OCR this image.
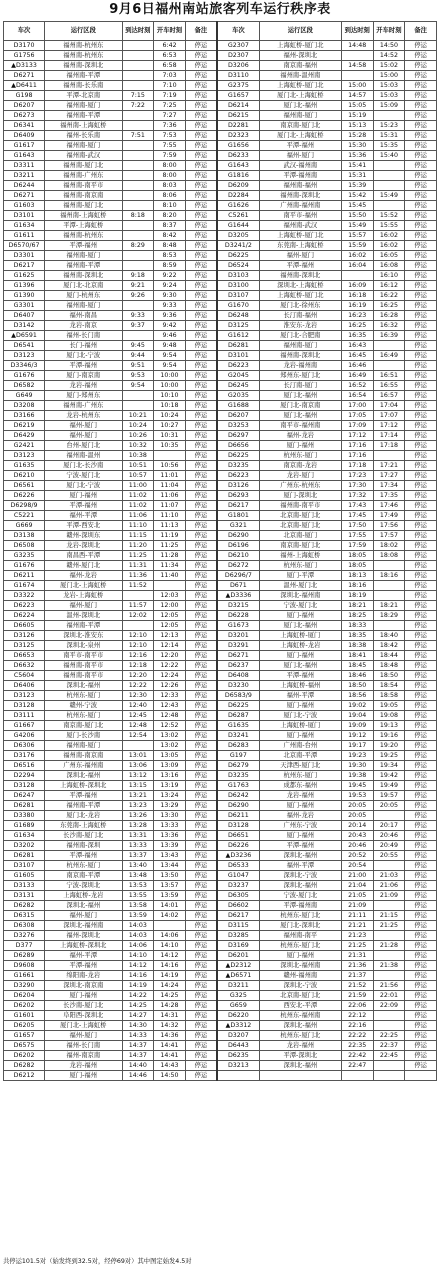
9月6日福州南站旅客列车运行秩序表
车次	运行区段	到达时刻	开车时刻	备注	车次	运行区段	到达时刻	开车时刻	备注
D3170	福州南-杭州东		6:42	停运	G2307	上海虹桥-厦门北	14:48	14:50	停运
G1756	福州南-杭州东		6:53	停运	D2307	福州-深圳北		14:52	停运
▲D3133	福州南-深圳北		6:58	停运	D3206	南京南-福州	14:58	15:02	停运
D6271	福州南-平潭		7:03	停运	D3110	福州南-温州南		15:00	停运
▲D6411	福州南-长乐南		7:10	停运	G2375	上海虹桥-厦门北	15:00	15:03	停运
G198	平潭-北京南	7:15	7:19	停运	G1657	厦门北-上海虹桥	14:57	15:03	停运
D6207	福州南-厦门	7:22	7:25	停运	D6214	厦门北-福州	15:05	15:09	停运
D6273	福州南-平潭		7:27	停运	D6215	福州南-厦门	15:19		停运
D6341	福州南-上海虹桥		7:36	停运	D2281	南京南-厦门北	15:13	15:23	停运
D6409	福州-长乐南	7:51	7:53	停运	D2323	厦门北-上海虹桥	15:28	15:31	停运
G1617	福州南-厦门		7:55	停运	G1656	平潭-福州	15:30	15:35	停运
G1643	福州南-武汉		7:59	停运	D6233	福州-厦门	15:36	15:40	停运
D3311	福州南-厦门北		8:00	停运	G1643	武汉-福州南	15:41		停运
D3211	福州南-广州东		8:00	停运	G1816	平潭-福州南	15:31		停运
D6244	福州南-南平市		8:03	停运	D6209	福州南-福州	15:39		停运
D6271	福州南-南京南		8:06	停运	D2284	福州南-深圳北	15:42	15:49	停运
G1603	福州南-厦门北		8:10	停运	G1626	广州南-福州南	15:45		停运
D3101	福州南-上海虹桥	8:18	8:20	停运	C5261	南平市-福州	15:50	15:52	停运
G1634	平潭-上海虹桥		8:37	停运	G1644	福州南-武汉	15:49	15:55	停运
G1611	福州南-杭州东		8:42	停运	D3205	上海虹桥-厦门北	15:57	16:02	停运
D6570/67	平潭-福州	8:29	8:48	停运	D3241/2	东莞南-上海虹桥	15:59	16:02	停运
D3301	福州南-厦门		8:53	停运	D6225	福州-厦门	16:02	16:05	停运
D6217	福州南-平潭		8:59	停运	D6524	平潭-福州	16:04	16:08	停运
G1625	福州南-深圳北	9:18	9:22	停运	D3103	福州南-深圳北		16:10	停运
G1396	厦门北-北京南	9:21	9:24	停运	D3100	深圳北-上海虹桥	16:09	16:12	停运
G1390	厦门-杭州东	9:26	9:30	停运	D3107	上海虹桥-厦门北	16:18	16:22	停运
G3301	福州南-厦门		9:33	停运	G1670	厦门北-徐州东	16:19	16:25	停运
D6407	福州-南昌	9:33	9:36	停运	D6248	长汀南-福州	16:23	16:28	停运
D3142	龙岩-南京	9:37	9:42	停运	D3125	淮安东-龙岩	16:25	16:32	停运
▲D6591	福州-长门南		9:46	停运	G1612	厦门北-合肥南	16:35	16:39	停运
D6541	长门-福州	9:45	9:48	停运	D6281	福州南-厦门	16:43		停运
D3123	厦门北-宁波	9:44	9:54	停运	D3101	福州南-深圳北	16:45	16:49	停运
D3346/3	平潭-福州	9:51	9:54	停运	D6223	龙岩-福州南	16:46		停运
G1676	厦门-南京南	9:53	10:00	停运	G2045	郑州东-厦门北	16:49	16:51	停运
D6582	龙岩-福州	9:54	10:00	停运	D6245	长汀南-厦门	16:52	16:55	停运
G649	厦门-郑州东		10:10	停运	G2035	厦门北-福州	16:54	16:57	停运
D3208	福州南-广州东		10:18	停运	G1688	厦门北-南京南	17:00	17:04	停运
D3166	龙岩-杭州东	10:21	10:24	停运	D6207	厦门北-福州	17:05	17:07	停运
D6219	福州-厦门	10:24	10:27	停运	D3253	南平市-福州南	17:09	17:12	停运
D6429	福州-厦门	10:26	10:31	停运	D6297	福州-龙岩	17:12	17:14	停运
G2421	台州-厦门北	10:32	10:35	停运	D6656	厦门-福州	17:16	17:18	停运
D3123	福州南-温州	10:38		停运	D6225	杭州东-厦门	17:16		停运
G1635	厦门北-长沙南	10:51	10:56	停运	D3235	南京南-龙岩	17:18	17:21	停运
D6210	宁波-厦门北	10:57	11:01	停运	D6223	龙岩-厦门	17:23	17:27	停运
D6561	厦门北-宁波	11:00	11:04	停运	D3126	广州东-杭州东	17:30	17:34	停运
D6226	厦门-福州	11:02	11:06	停运	D6293	厦门-深圳北	17:32	17:35	停运
D6298/9	平潭-福州	11:02	11:07	停运	D6217	福州南-南平市	17:43	17:46	停运
C5221	福州-平潭	11:06	11:10	停运	G1801	北京南-厦门北	17:45	17:49	停运
G669	平潭-西安北	11:10	11:13	停运	G321	北京南-厦门北	17:50	17:56	停运
D3138	赣州-深圳东	11:15	11:19	停运	D6290	北京南-厦门	17:55	17:57	停运
D6508	龙岩-深圳北	11:20	11:25	停运	D6196	南京南-厦门北	17:59	18:02	停运
G3235	南昌西-平潭	11:25	11:28	停运	D6210	福州-上海虹桥	18:05	18:08	停运
G1676	赣州-厦门北	11:31	11:34	停运	D6272	杭州东-厦门	18:05		停运
D6211	福州-龙岩	11:36	11:40	停运	D6296/7	厦门-平潭	18:13	18:16	停运
G1674	厦门北-上海虹桥	11:52		停运	D671	温州-厦门北	18:16		停运
D3322	龙岩-上海虹桥		12:03	停运	▲D3336	深圳北-福州南	18:19		停运
D6223	福州-厦门	11:57	12:00	停运	D3215	宁波-厦门北	18:21	18:21	停运
D6224	温州-深圳北	12:02	12:05	停运	D6228	厦门-福州	18:25	18:29	停运
D6605	福州南-平潭		12:05	停运	G1673	厦门北-福州	18:33		停运
D3126	深圳北-淮安东	12:10	12:13	停运	D3201	上海虹桥-厦门	18:35	18:40	停运
D3125	深圳北-泉州	12:10	12:14	停运	D3291	上海虹桥-龙岩	18:38	18:42	停运
D6653	南平市-南平市	12:16	12:20	停运	D6271	厦门-福州	18:41	18:44	停运
D6632	福州南-南平市	12:18	12:22	停运	D6237	厦门北-福州	18:45	18:48	停运
C5604	福州南-南平市	12:20	12:24	停运	D6408	平潭-福州	18:46	18:50	停运
D6406	深圳北-福州	12:22	12:26	停运	D3230	上海虹桥-福州	18:50	18:54	停运
D3123	杭州东-厦门	12:30	12:33	停运	D6583/9	福州-平潭	18:56	18:58	停运
D3128	赣州-宁波	12:40	12:43	停运	D6225	厦门-福州	19:02	19:05	停运
D3111	杭州东-厦门	12:45	12:48	停运	D6287	厦门北-宁波	19:04	19:08	停运
G1667	南京南-厦门北	12:48	12:52	停运	G1635	上海虹桥-厦门	19:09	19:13	停运
G4206	厦门-长沙南	12:54	13:02	停运	D3241	厦门-福州	19:12	19:16	停运
D6306	福州南-厦门		13:02	停运	D6283	广州南-台州	19:17	19:20	停运
D3176	福州南-南京南	13:01	13:05	停运	G197	北京南-平潭	19:23	19:25	停运
D6516	广州东-福州南	13:06	13:09	停运	D6279	天津西-厦门北	19:30	19:34	停运
D2294	深圳北-福州	13:12	13:16	停运	D3235	杭州东-厦门	19:38	19:42	停运
D3128	上海虹桥-深圳北	13:15	13:19	停运	G1763	成都东-福州	19:45	19:49	停运
D6247	平潭-福州	13:21	13:24	停运	D6242	龙岩-福州	19:53	19:57	停运
D6281	福州南-平潭	13:23	13:29	停运	D6290	厦门-福州	20:05	20:05	停运
D3380	厦门北-龙岩	13:26	13:30	停运	D6211	福州-龙岩	20:05		停运
G1689	东莞南-上海虹桥	13:28	13:33	停运	D3128	广州东-宁波	20:14	20:17	停运
G1634	长沙南-厦门北	13:31	13:36	停运	D6651	厦门-福州	20:43	20:46	停运
D3202	福州南-深圳	13:33	13:39	停运	D6226	平潭-福州	20:46	20:49	停运
D6281	平潭-福州	13:37	13:43	停运	▲D3236	深圳北-福州	20:52	20:55	停运
D3107	杭州东-厦门	13:40	13:44	停运	D6533	福州-平潭	20:54		停运
G1605	南京南-平潭	13:48	13:50	停运	G1047	深圳北-宁波	21:00	21:03	停运
D3133	宁波-深圳北	13:53	13:57	停运	D3237	深圳北-福州	21:04	21:06	停运
D3131	上海虹桥-龙岩	13:55	13:59	停运	D6305	宁波-厦门北	21:05	21:09	停运
D6282	深圳北-福州	13:58	14:01	停运	D6602	平潭-福州南	21:09		停运
D6315	福州-厦门	13:59	14:02	停运	D6217	杭州东-厦门北	21:11	21:15	停运
D6308	深圳北-福州南	14:03		停运	D3115	厦门北-深圳北	21:21	21:25	停运
D3276	福州-深圳北	14:03	14:06	停运	D3285	福州南-南平	21:23		停运
D377	上海虹桥-深圳北	14:06	14:10	停运	D3169	杭州东-厦门北	21:25	21:28	停运
D6289	福州-平潭	14:10	14:12	停运	D6201	厦门-福州	21:31		停运
D9608	平潭-福州	14:12	14:16	停运	▲D2312	深圳北-福州南	21:36	21:38	停运
G1661	绵阳南-龙岩	14:16	14:19	停运	▲D6571	赣州-福州南	21:37		停运
D3290	深圳北-南京南	14:19	14:24	停运	D3211	深圳北-宁波	21:52	21:56	停运
D6204	厦门-福州	14:22	14:25	停运	G325	北京南-厦门北	21:59	22:01	停运
D6202	长沙南-厦门北	14:25	14:28	停运	G659	西安北-平潭	22:06	22:09	停运
G1601	阜阳西-深圳北	14:27	14:31	停运	D6220	杭州东-福州南	22:12		停运
D6205	厦门北-上海虹桥	14:30	14:32	停运	▲D3312	深圳北-福州	22:16		停运
G1657	福州-厦门	14:33	14:36	停运	D3207	杭州东-厦门北	22:22	22:25	停运
D6575	福州-长门南	14:37	14:41	停运	D6443	龙岩-福州	22:35	22:37	停运
D6202	福州-南京南	14:37	14:41	停运	D6235	平潭-深圳北	22:42	22:45	停运
D6282	龙岩-福州	14:40	14:43	停运	D3213	深圳北-福州	22:47		停运
D6212	厦门-福州	14:46	14:50	停运					
共停运101.5对（始发终到32.5对，经停69对）其中图定始发4.5对
